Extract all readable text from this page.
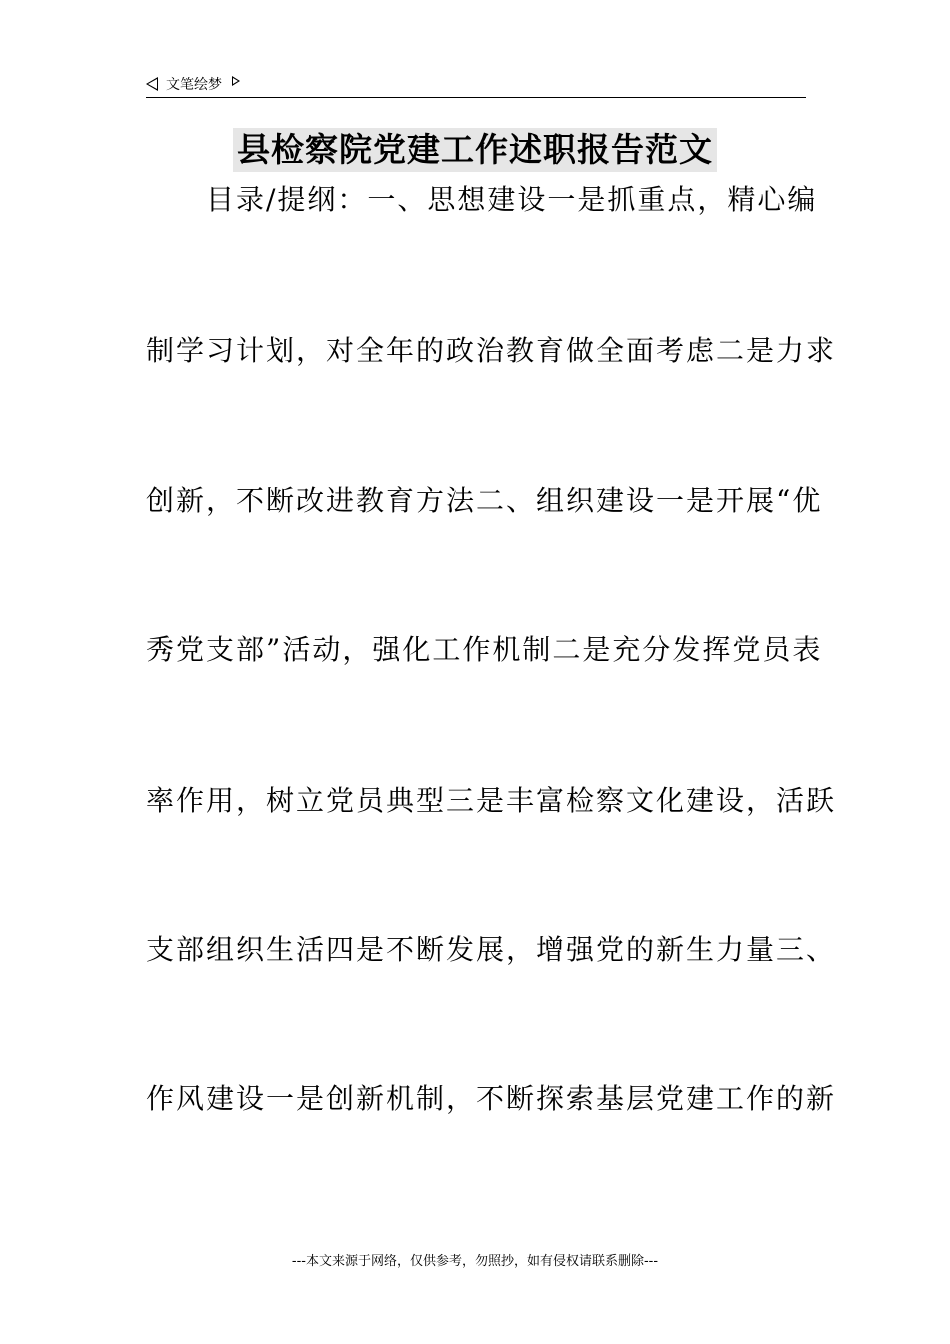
文笔绘梦
县检察院党建工作述职报告范文
目录/提纲：一、思想建设一是抓重点，精心编
制学习计划，对全年的政治教育做全面考虑二是力求
创新，不断改进教育方法二、组织建设一是开展“优
秀党支部”活动，强化工作机制二是充分发挥党员表
率作用，树立党员典型三是丰富检察文化建设，活跃
支部组织生活四是不断发展，增强党的新生力量三、
作风建设一是创新机制，不断探索基层党建工作的新
---本文来源于网络，仅供参考，勿照抄，如有侵权请联系删除---
